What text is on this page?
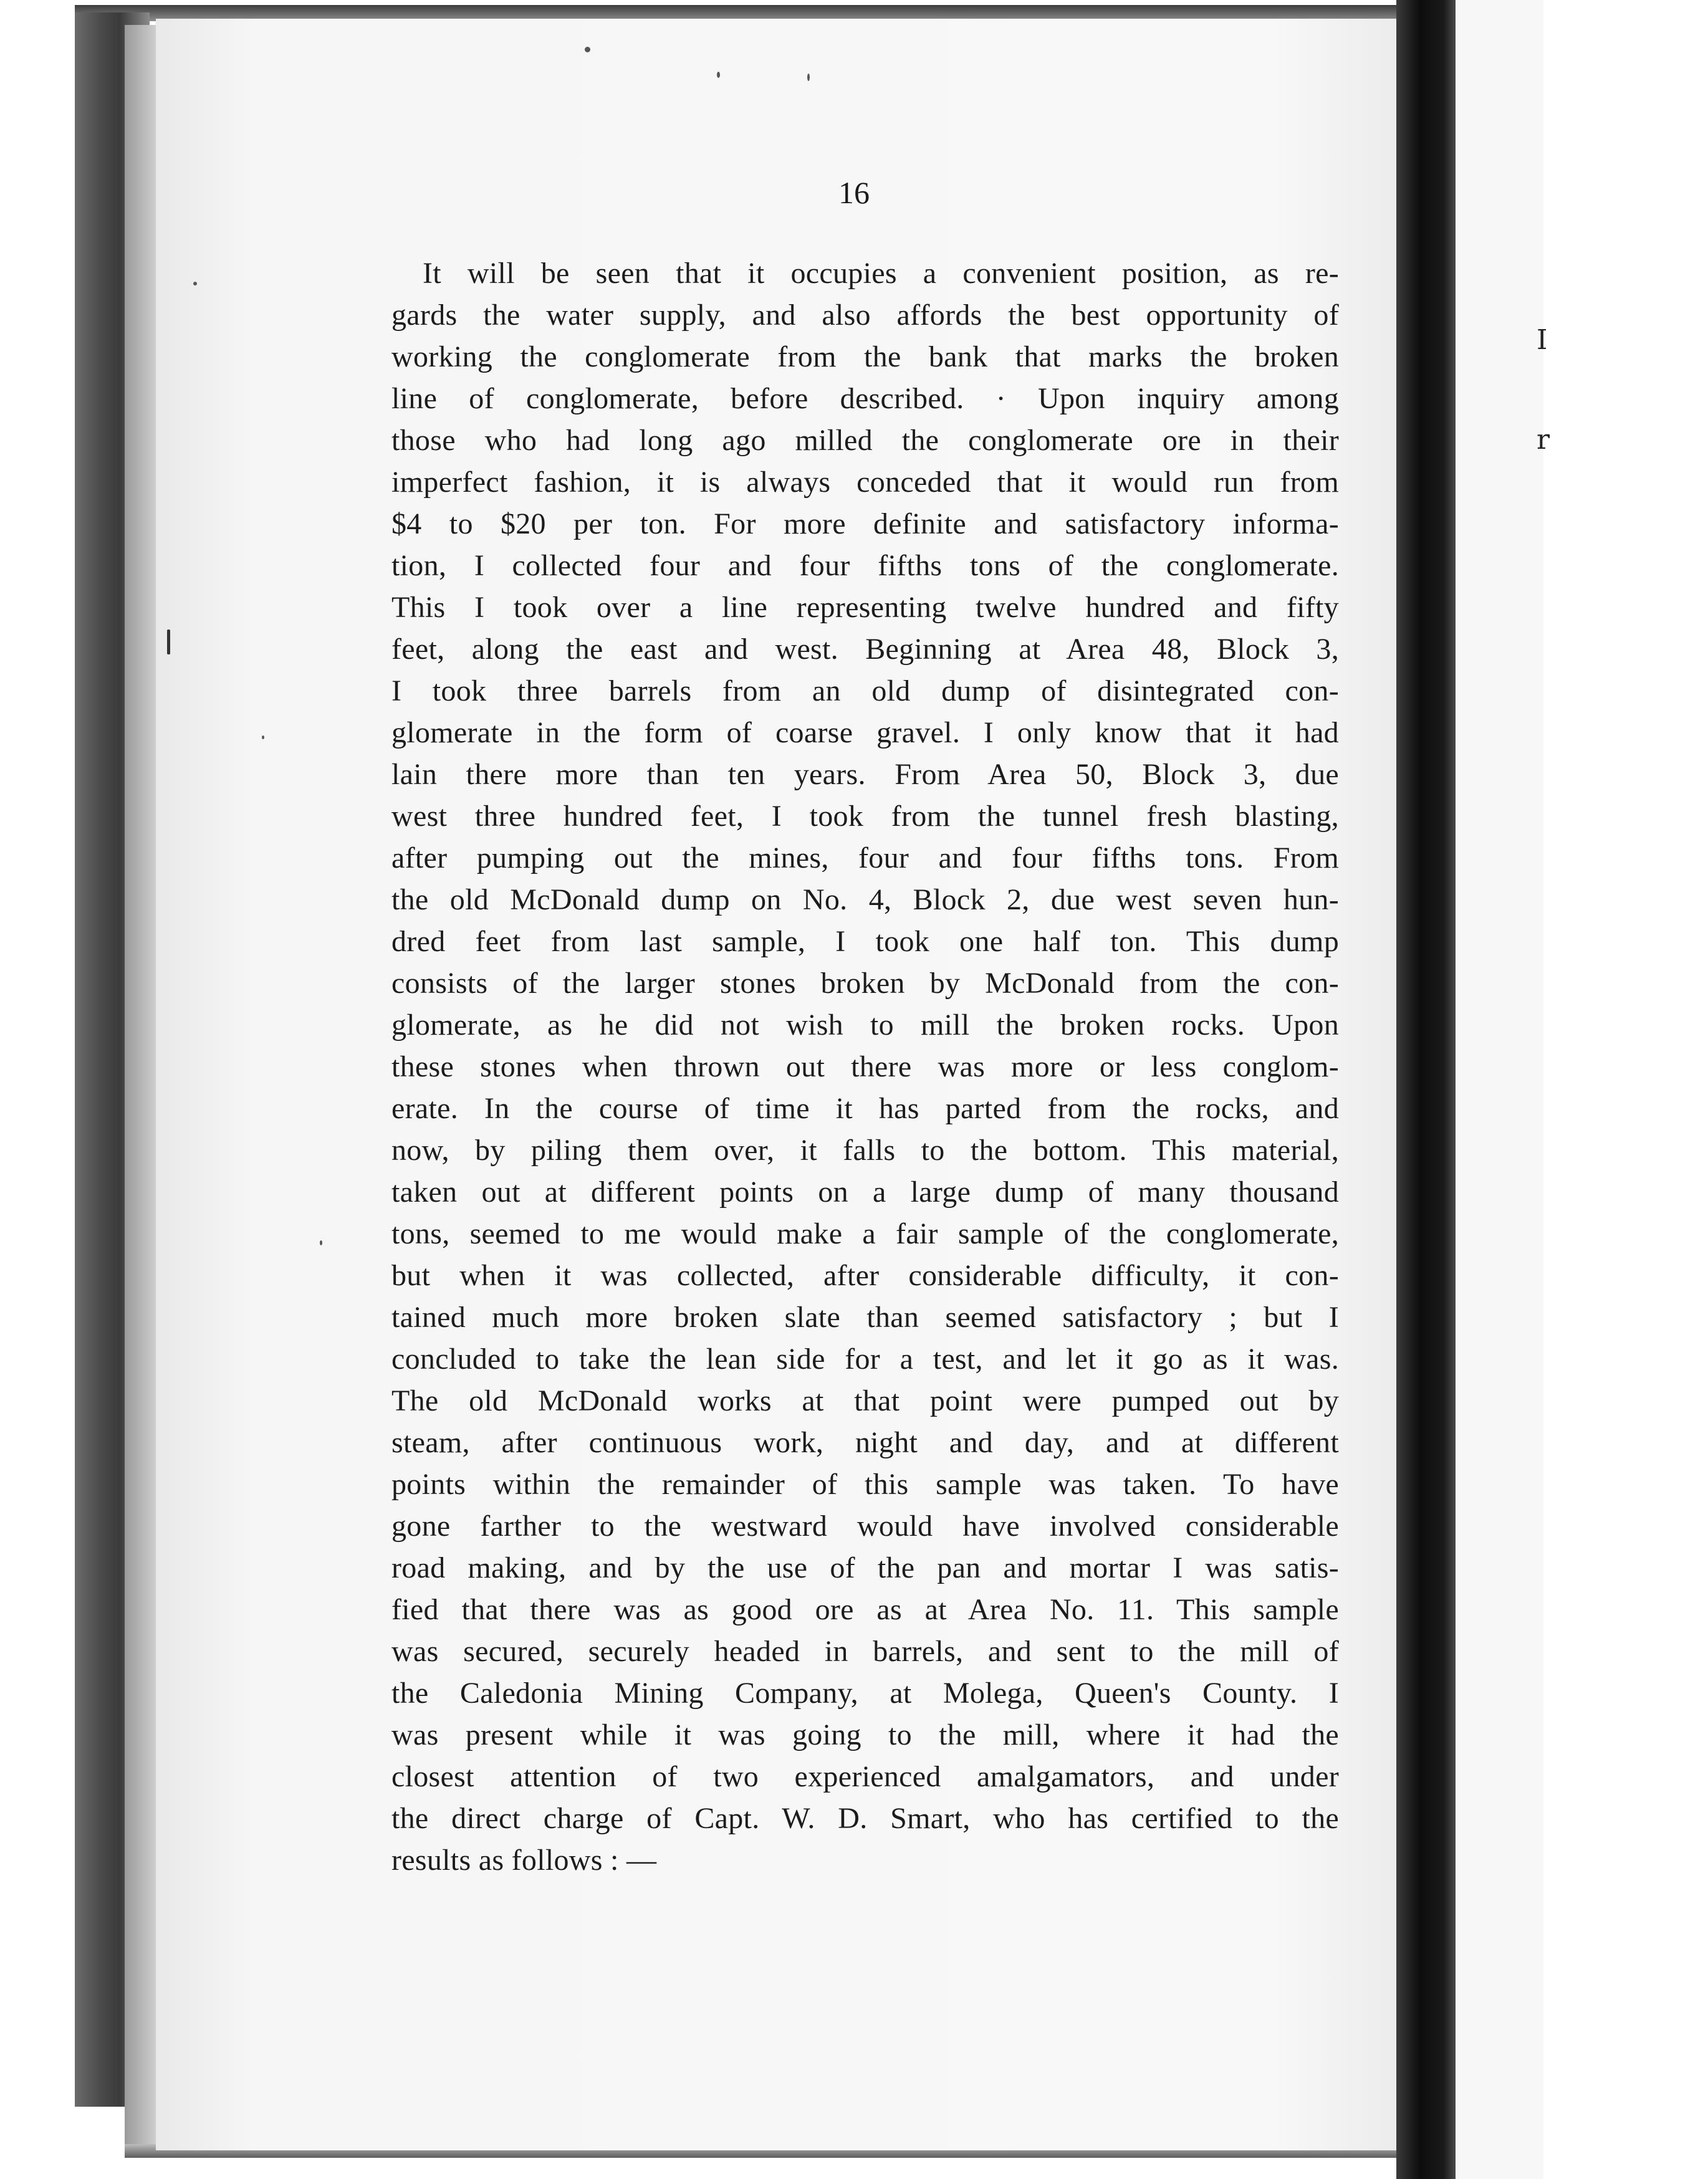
I
r
16
It will be seen that it occupies a convenient position, as re-
gards the water supply, and also affords the best opportunity of
working the conglomerate from the bank that marks the broken
line of conglomerate, before described. · Upon inquiry among
those who had long ago milled the conglomerate ore in their
imperfect fashion, it is always conceded that it would run from
$4 to $20 per ton. For more definite and satisfactory informa-
tion, I collected four and four fifths tons of the conglomerate.
This I took over a line representing twelve hundred and fifty
feet, along the east and west. Beginning at Area 48, Block 3,
I took three barrels from an old dump of disintegrated con-
glomerate in the form of coarse gravel. I only know that it had
lain there more than ten years. From Area 50, Block 3, due
west three hundred feet, I took from the tunnel fresh blasting,
after pumping out the mines, four and four fifths tons. From
the old McDonald dump on No. 4, Block 2, due west seven hun-
dred feet from last sample, I took one half ton. This dump
consists of the larger stones broken by McDonald from the con-
glomerate, as he did not wish to mill the broken rocks. Upon
these stones when thrown out there was more or less conglom-
erate. In the course of time it has parted from the rocks, and
now, by piling them over, it falls to the bottom. This material,
taken out at different points on a large dump of many thousand
tons, seemed to me would make a fair sample of the conglomerate,
but when it was collected, after considerable difficulty, it con-
tained much more broken slate than seemed satisfactory ; but I
concluded to take the lean side for a test, and let it go as it was.
The old McDonald works at that point were pumped out by
steam, after continuous work, night and day, and at different
points within the remainder of this sample was taken. To have
gone farther to the westward would have involved considerable
road making, and by the use of the pan and mortar I was satis-
fied that there was as good ore as at Area No. 11. This sample
was secured, securely headed in barrels, and sent to the mill of
the Caledonia Mining Company, at Molega, Queen's County. I
was present while it was going to the mill, where it had the
closest attention of two experienced amalgamators, and under
the direct charge of Capt. W. D. Smart, who has certified to the
results as follows : —
